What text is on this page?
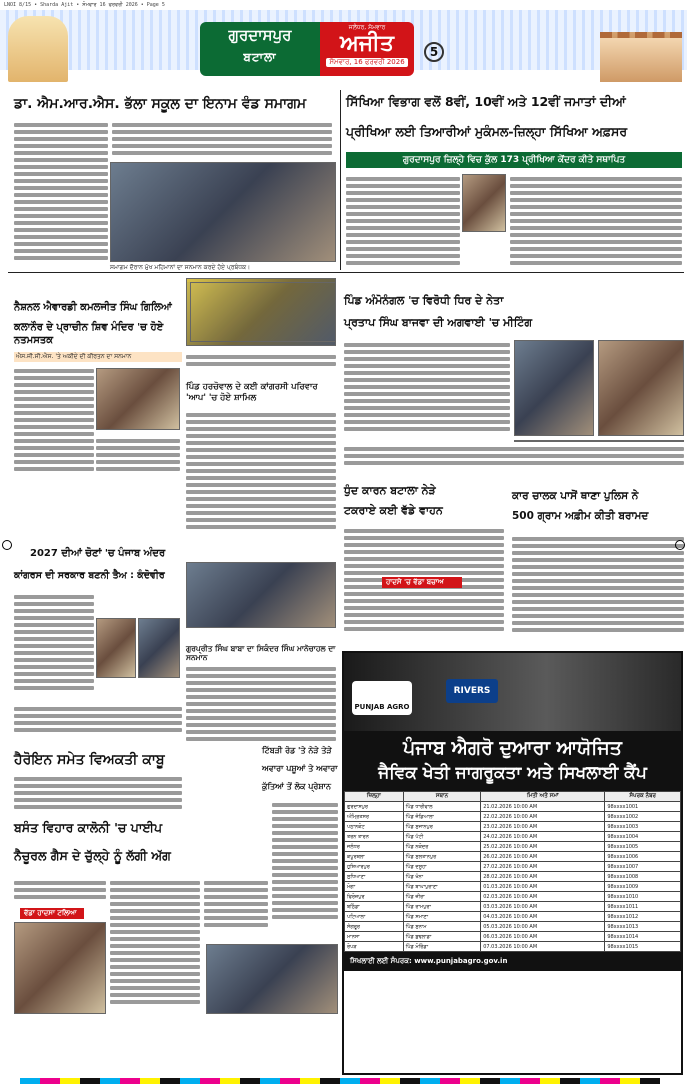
LNOI 8/15 • Sharda Ajit • ਸੋਮਵਾਰ 16 ਫਰਵਰੀ 2026 • Page 5
ਗੁਰਦਾਸਪੁਰ
ਬਟਾਲਾ
ਜਲੰਧਰ, ਸੋਮਵਾਰ
ਅਜੀਤ
ਸੋਮਵਾਰ, 16 ਫਰਵਰੀ 2026
5
ਡਾ. ਐਮ.ਆਰ.ਐਸ. ਭੱਲਾ ਸਕੂਲ ਦਾ ਇਨਾਮ ਵੰਡ ਸਮਾਗਮ
ਸਮਾਗਮ ਦੌਰਾਨ ਮੁੱਖ ਮਹਿਮਾਨਾਂ ਦਾ ਸਨਮਾਨ ਕਰਦੇ ਹੋਏ ਪ੍ਰਬੰਧਕ।
ਸਿੱਖਿਆ ਵਿਭਾਗ ਵਲੋਂ 8ਵੀਂ, 10ਵੀਂ ਅਤੇ 12ਵੀਂ ਜਮਾਤਾਂ ਦੀਆਂ
ਪ੍ਰੀਖਿਆ ਲਈ ਤਿਆਰੀਆਂ ਮੁਕੰਮਲ-ਜ਼ਿਲ੍ਹਾ ਸਿੱਖਿਆ ਅਫ਼ਸਰ
ਗੁਰਦਾਸਪੁਰ ਜ਼ਿਲ੍ਹੇ ਵਿਚ ਕੁੱਲ 173 ਪ੍ਰੀਖਿਆ ਕੇਂਦਰ ਕੀਤੇ ਸਥਾਪਿਤ
ਨੈਸ਼ਨਲ ਐਵਾਰਡੀ ਕਮਲਜੀਤ ਸਿੰਘ ਗਿਲਿਆਂ
ਕਲਾਨੌਰ ਦੇ ਪ੍ਰਾਚੀਨ ਸ਼ਿਵ ਮੰਦਿਰ 'ਚ ਹੋਏ ਨਤਮਸਤਕ
ਐਸ.ਜੀ.ਸੀ.ਐਸ. 'ਤੇ ਅਕੀਦੇ ਦੀ ਕੀਰਤਨ ਦਾ ਸਨਮਾਨ
ਪਿੰਡ ਹਰਚੋਵਾਲ ਦੇ ਕਈ ਕਾਂਗਰਸੀ ਪਰਿਵਾਰ 'ਆਪ' 'ਚ ਹੋਏ ਸ਼ਾਮਿਲ
ਪਿੰਡ ਅੰਮੋਨੰਗਲ 'ਚ ਵਿਰੋਧੀ ਧਿਰ ਦੇ ਨੇਤਾ
ਪ੍ਰਤਾਪ ਸਿੰਘ ਬਾਜਵਾ ਦੀ ਅਗਵਾਈ 'ਚ ਮੀਟਿੰਗ
ਧੁੰਦ ਕਾਰਨ ਬਟਾਲਾ ਨੇੜੇ
ਟਕਰਾਏ ਕਈ ਵੱਡੇ ਵਾਹਨ
ਹਾਦਸੇ 'ਚ ਵੱਡਾ ਬਚਾਅ
ਕਾਰ ਚਾਲਕ ਪਾਸੋਂ ਥਾਣਾ ਪੁਲਿਸ ਨੇ
500 ਗ੍ਰਾਮ ਅਫ਼ੀਮ ਕੀਤੀ ਬਰਾਮਦ
2027 ਦੀਆਂ ਚੋਣਾਂ 'ਚ ਪੰਜਾਬ ਅੰਦਰ
ਕਾਂਗਰਸ ਦੀ ਸਰਕਾਰ ਬਣਨੀ ਤੈਅ : ਕੰਦੋਵੀਰ
ਗੁਰਪ੍ਰੀਤ ਸਿੰਘ ਬਾਬਾ ਦਾ ਸਿਕੰਦਰ ਸਿੰਘ ਮਾਨੋਚਾਹਲ ਦਾ ਸਨਮਾਨ
ਹੈਰੋਇਨ ਸਮੇਤ ਵਿਅਕਤੀ ਕਾਬੂ
ਟਿੱਬੜੀ ਰੋਡ 'ਤੇ ਨੇੜੇ ਤੇੜੇ
ਅਵਾਰਾ ਪਸ਼ੂਆਂ ਤੇ ਅਵਾਰਾ
ਕੁੱਤਿਆਂ ਤੋਂ ਲੋਕ ਪ੍ਰੇਸ਼ਾਨ
ਬਸੰਤ ਵਿਹਾਰ ਕਾਲੋਨੀ 'ਚ ਪਾਈਪ
ਨੈਚੂਰਲ ਗੈਸ ਦੇ ਚੁੱਲ੍ਹੇ ਨੂੰ ਲੱਗੀ ਅੱਗ
ਵੱਡਾ ਹਾਦਸਾ ਟਲਿਆ
PUNJAB AGRO
RIVERS
ਪੰਜਾਬ ਐਗਰੋ ਦੁਆਰਾ ਆਯੋਜਿਤ
ਜੈਵਿਕ ਖੇਤੀ ਜਾਗਰੂਕਤਾ ਅਤੇ ਸਿਖਲਾਈ ਕੈਂਪ
ਜ਼ਿਲ੍ਹਾ	ਸਥਾਨ	ਮਿਤੀ ਅਤੇ ਸਮਾਂ	ਸੰਪਰਕ ਨੰਬਰ
ਗੁਰਦਾਸਪੁਰ	ਪਿੰਡ ਧਾਰੀਵਾਲ	21.02.2026 10:00 AM	98xxxx1001
ਅੰਮ੍ਰਿਤਸਰ	ਪਿੰਡ ਜੰਡਿਆਲਾ	22.02.2026 10:00 AM	98xxxx1002
ਪਠਾਨਕੋਟ	ਪਿੰਡ ਸੁਜਾਨਪੁਰ	23.02.2026 10:00 AM	98xxxx1003
ਤਰਨ ਤਾਰਨ	ਪਿੰਡ ਪੱਟੀ	24.02.2026 10:00 AM	98xxxx1004
ਜਲੰਧਰ	ਪਿੰਡ ਨਕੋਦਰ	25.02.2026 10:00 AM	98xxxx1005
ਕਪੂਰਥਲਾ	ਪਿੰਡ ਸੁਲਤਾਨਪੁਰ	26.02.2026 10:00 AM	98xxxx1006
ਹੁਸ਼ਿਆਰਪੁਰ	ਪਿੰਡ ਦਸੂਹਾ	27.02.2026 10:00 AM	98xxxx1007
ਲੁਧਿਆਣਾ	ਪਿੰਡ ਖੰਨਾ	28.02.2026 10:00 AM	98xxxx1008
ਮੋਗਾ	ਪਿੰਡ ਬਾਘਾਪੁਰਾਣਾ	01.03.2026 10:00 AM	98xxxx1009
ਫਿਰੋਜ਼ਪੁਰ	ਪਿੰਡ ਜ਼ੀਰਾ	02.03.2026 10:00 AM	98xxxx1010
ਬਠਿੰਡਾ	ਪਿੰਡ ਰਾਮਪੁਰਾ	03.03.2026 10:00 AM	98xxxx1011
ਪਟਿਆਲਾ	ਪਿੰਡ ਸਮਾਣਾ	04.03.2026 10:00 AM	98xxxx1012
ਸੰਗਰੂਰ	ਪਿੰਡ ਸੁਨਾਮ	05.03.2026 10:00 AM	98xxxx1013
ਮਾਨਸਾ	ਪਿੰਡ ਬੁਢਲਾਡਾ	06.03.2026 10:00 AM	98xxxx1014
ਰੋਪੜ	ਪਿੰਡ ਮੋਰਿੰਡਾ	07.03.2026 10:00 AM	98xxxx1015
ਸਿਖਲਾਈ ਲਈ ਸੰਪਰਕ: www.punjabagro.gov.in
